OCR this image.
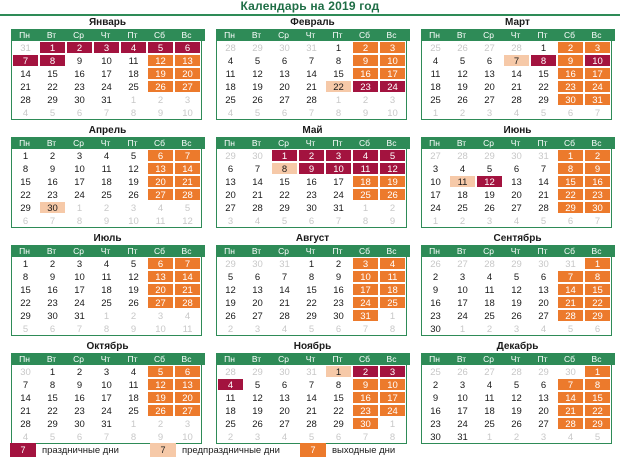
Календарь на 2019 год
Январь
Пн	Вт	Ср	Чт	Пт	Сб	Вс
31	1	2	3	4	5	6
7	8	9	10	11	12	13
14	15	16	17	18	19	20
21	22	23	24	25	26	27
28	29	30	31	1	2	3
4	5	6	7	8	9	10
Февраль
Пн	Вт	Ср	Чт	Пт	Сб	Вс
28	29	30	31	1	2	3
4	5	6	7	8	9	10
11	12	13	14	15	16	17
18	19	20	21	22	23	24
25	26	27	28	1	2	3
4	5	6	7	8	9	10
Март
Пн	Вт	Ср	Чт	Пт	Сб	Вс
25	26	27	28	1	2	3
4	5	6	7	8	9	10
11	12	13	14	15	16	17
18	19	20	21	22	23	24
25	26	27	28	29	30	31
1	2	3	4	5	6	7
Апрель
Пн	Вт	Ср	Чт	Пт	Сб	Вс
1	2	3	4	5	6	7
8	9	10	11	12	13	14
15	16	17	18	19	20	21
22	23	24	25	26	27	28
29	30	1	2	3	4	5
6	7	8	9	10	11	12
Май
Пн	Вт	Ср	Чт	Пт	Сб	Вс
29	30	1	2	3	4	5
6	7	8	9	10	11	12
13	14	15	16	17	18	19
20	21	22	23	24	25	26
27	28	29	30	31	1	2
3	4	5	6	7	8	9
Июнь
Пн	Вт	Ср	Чт	Пт	Сб	Вс
27	28	29	30	31	1	2
3	4	5	6	7	8	9
10	11	12	13	14	15	16
17	18	19	20	21	22	23
24	25	26	27	28	29	30
1	2	3	4	5	6	7
Июль
Пн	Вт	Ср	Чт	Пт	Сб	Вс
1	2	3	4	5	6	7
8	9	10	11	12	13	14
15	16	17	18	19	20	21
22	23	24	25	26	27	28
29	30	31	1	2	3	4
5	6	7	8	9	10	11
Август
Пн	Вт	Ср	Чт	Пт	Сб	Вс
29	30	31	1	2	3	4
5	6	7	8	9	10	11
12	13	14	15	16	17	18
19	20	21	22	23	24	25
26	27	28	29	30	31	1
2	3	4	5	6	7	8
Сентябрь
Пн	Вт	Ср	Чт	Пт	Сб	Вс
26	27	28	29	30	31	1
2	3	4	5	6	7	8
9	10	11	12	13	14	15
16	17	18	19	20	21	22
23	24	25	26	27	28	29
30	1	2	3	4	5	6
Октябрь
Пн	Вт	Ср	Чт	Пт	Сб	Вс
30	1	2	3	4	5	6
7	8	9	10	11	12	13
14	15	16	17	18	19	20
21	22	23	24	25	26	27
28	29	30	31	1	2	3
4	5	6	7	8	9	10
Ноябрь
Пн	Вт	Ср	Чт	Пт	Сб	Вс
28	29	30	31	1	2	3
4	5	6	7	8	9	10
11	12	13	14	15	16	17
18	19	20	21	22	23	24
25	26	27	28	29	30	1
2	3	4	5	6	7	8
Декабрь
Пн	Вт	Ср	Чт	Пт	Сб	Вс
25	26	27	28	29	30	1
2	3	4	5	6	7	8
9	10	11	12	13	14	15
16	17	18	19	20	21	22
23	24	25	26	27	28	29
30	31	1	2	3	4	5
7	праздничные дни	7	предпраздничные дни	7	выходные дни
